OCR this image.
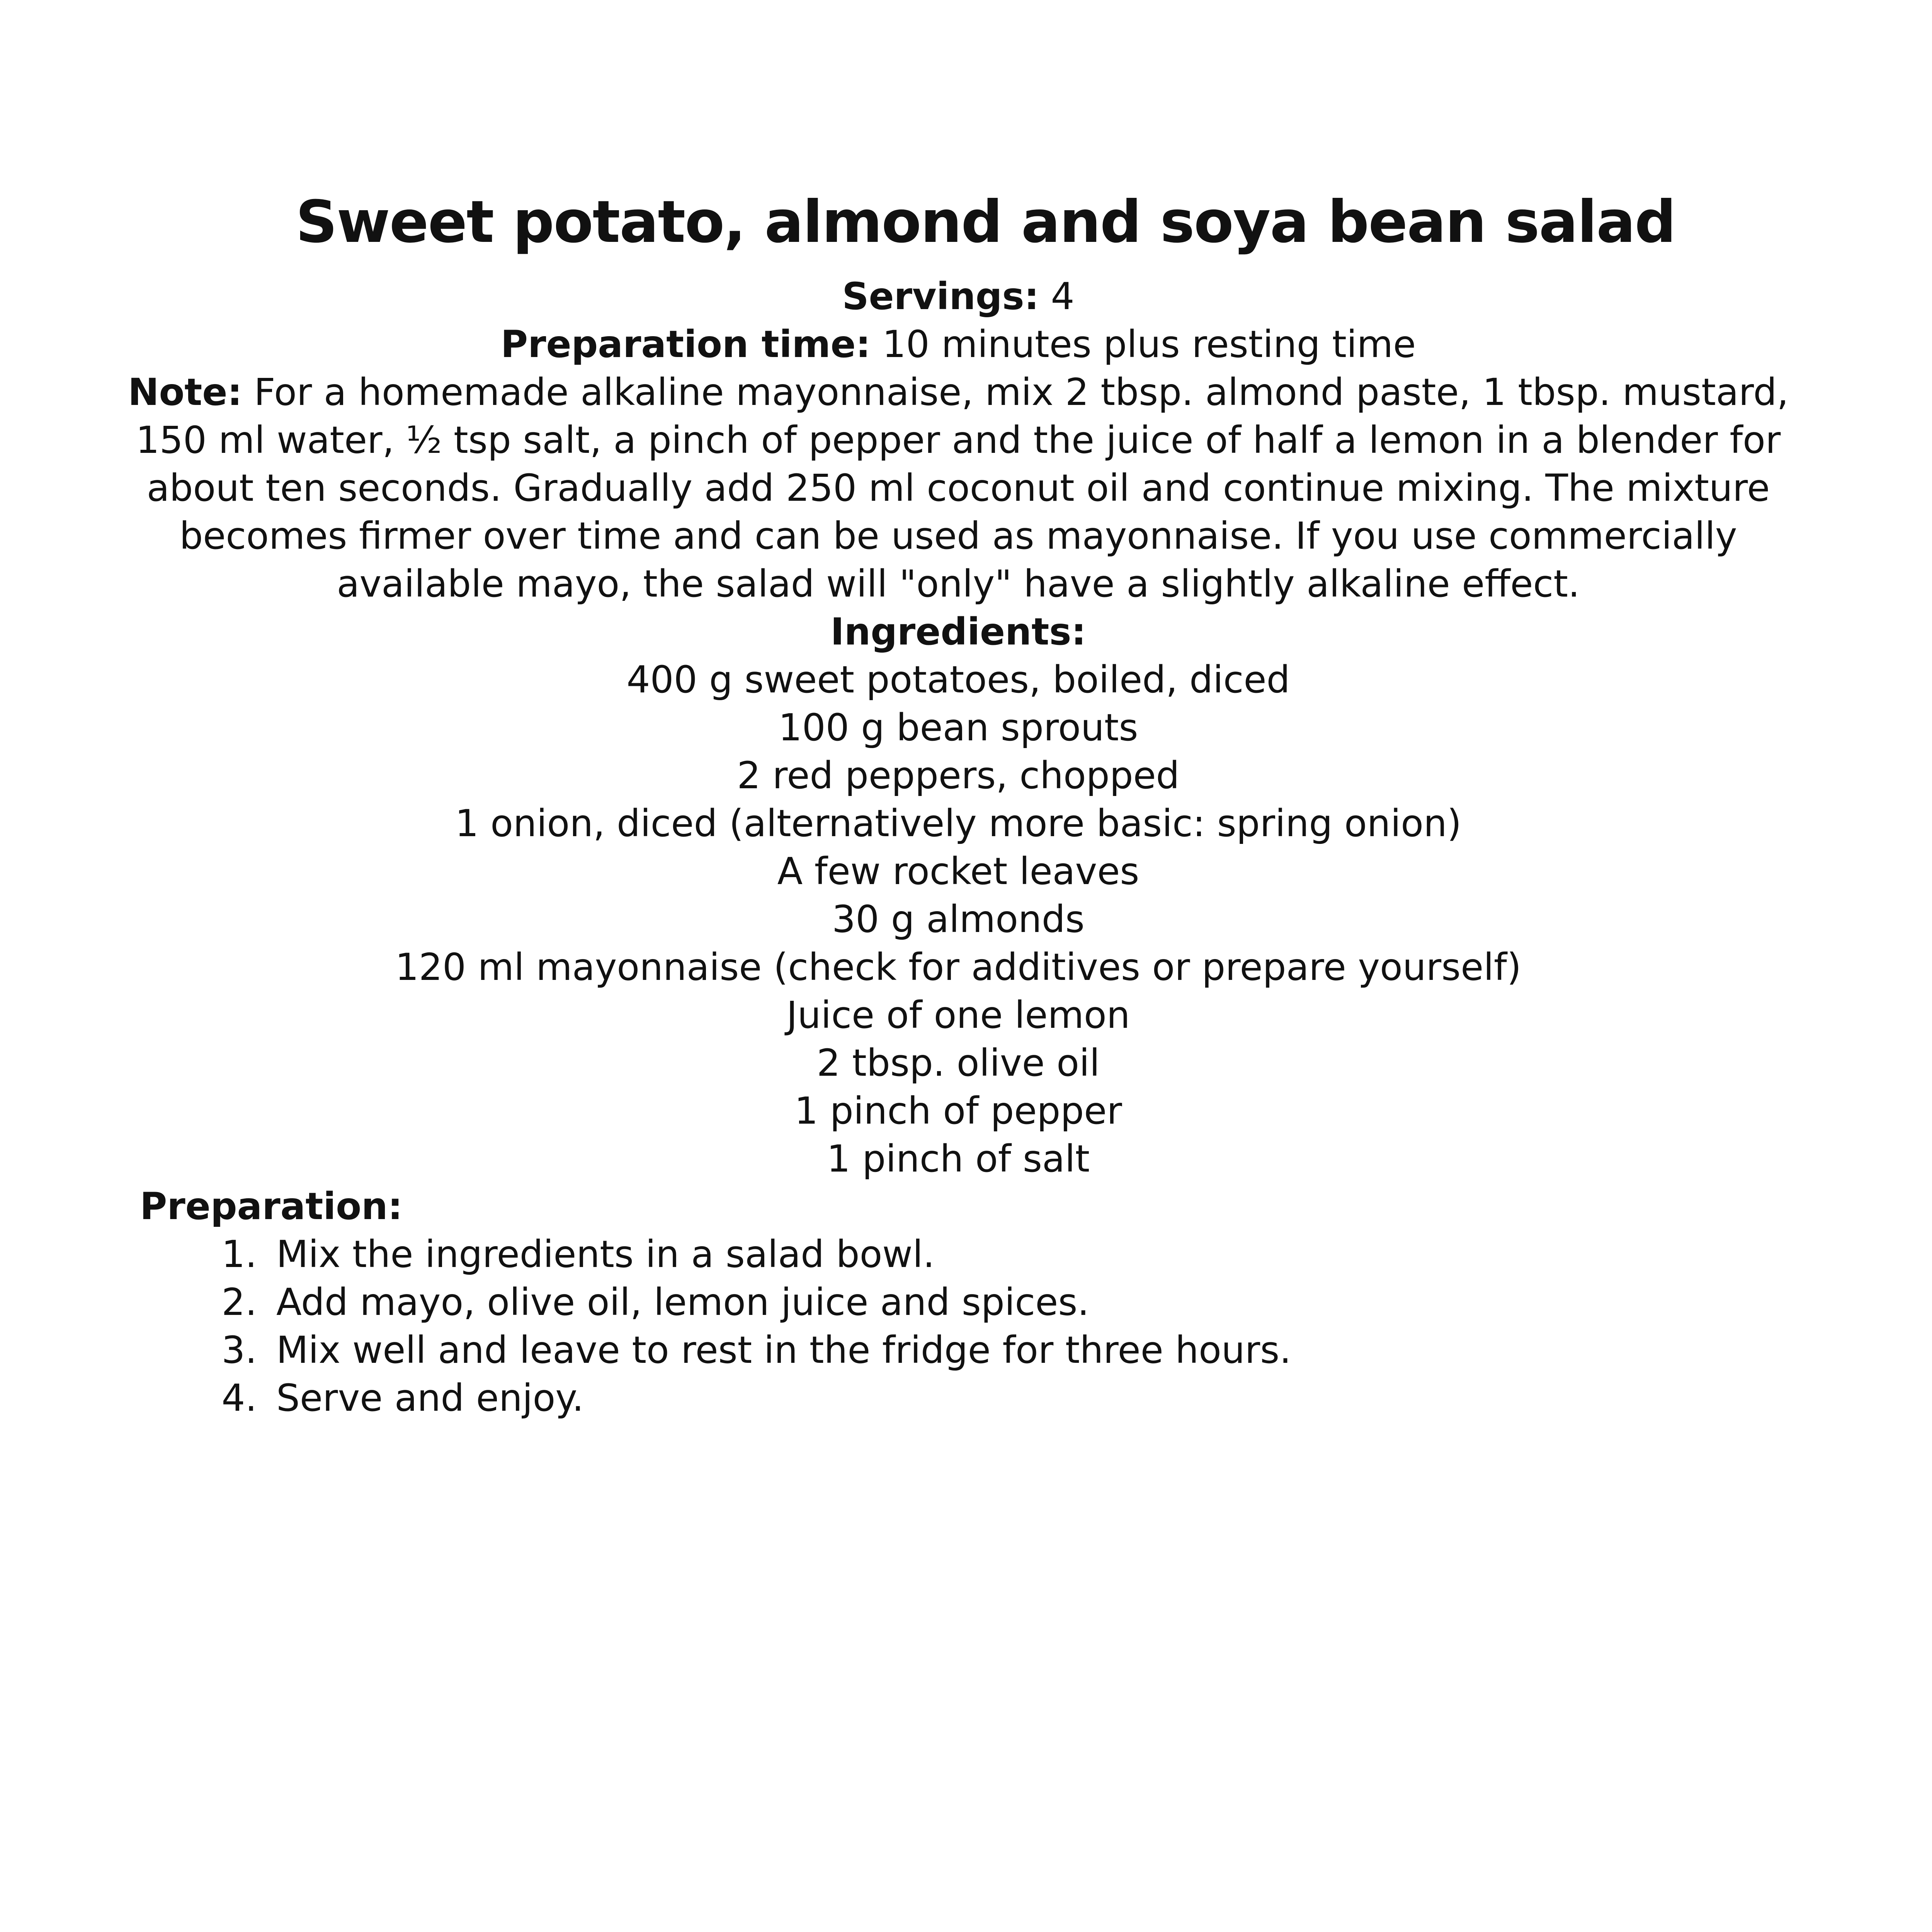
Sweet potato, almond and soya bean salad

Servings: 4

Preparation time: 10 minutes plus resting time

Note: For a homemade alkaline mayonnaise, mix 2 tbsp. almond paste, 1 tbsp. mustard, 150 ml water, ½ tsp salt, a pinch of pepper and the juice of half a lemon in a blender for about ten seconds. Gradually add 250 ml coconut oil and continue mixing. The mixture becomes firmer over time and can be used as mayonnaise. If you use commercially available mayo, the salad will "only" have a slightly alkaline effect.

Ingredients:

400 g sweet potatoes, boiled, diced
100 g bean sprouts
2 red peppers, chopped
1 onion, diced (alternatively more basic: spring onion)
A few rocket leaves
30 g almonds
120 ml mayonnaise (check for additives or prepare yourself)
Juice of one lemon
2 tbsp. olive oil
1 pinch of pepper
1 pinch of salt
Preparation:
1. Mix the ingredients in a salad bowl.
2. Add mayo, olive oil, lemon juice and spices.
3. Mix well and leave to rest in the fridge for three hours.
4. Serve and enjoy.
